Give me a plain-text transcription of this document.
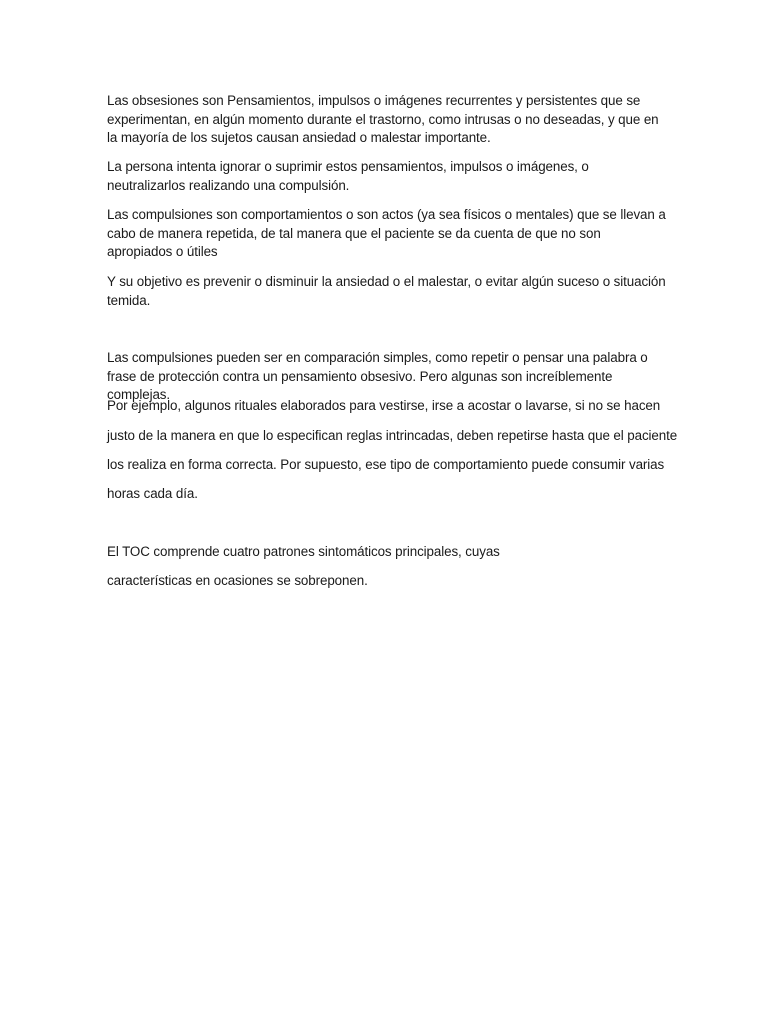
Las obsesiones son Pensamientos, impulsos o imágenes recurrentes y persistentes que se experimentan, en algún momento durante el trastorno, como intrusas o no deseadas, y que en la mayoría de los sujetos causan ansiedad o malestar importante.
La persona intenta ignorar o suprimir estos pensamientos, impulsos o imágenes, o neutralizarlos realizando una compulsión.
Las compulsiones son comportamientos o son actos (ya sea físicos o mentales) que se llevan a cabo de manera repetida, de tal manera que el paciente se da cuenta de que no son apropiados o útiles
Y su objetivo es prevenir o disminuir la ansiedad o el malestar, o evitar algún suceso o situación temida.
Las compulsiones pueden ser en comparación simples, como repetir o pensar una palabra o frase de protección contra un pensamiento obsesivo. Pero algunas son increíblemente complejas.
Por ejemplo, algunos rituales elaborados para vestirse, irse a acostar o lavarse, si no se hacen
justo de la manera en que lo especifican reglas intrincadas, deben repetirse hasta que el paciente
los realiza en forma correcta. Por supuesto, ese tipo de comportamiento puede consumir varias
horas cada día.
El TOC comprende cuatro patrones sintomáticos principales, cuyas
características en ocasiones se sobreponen.
